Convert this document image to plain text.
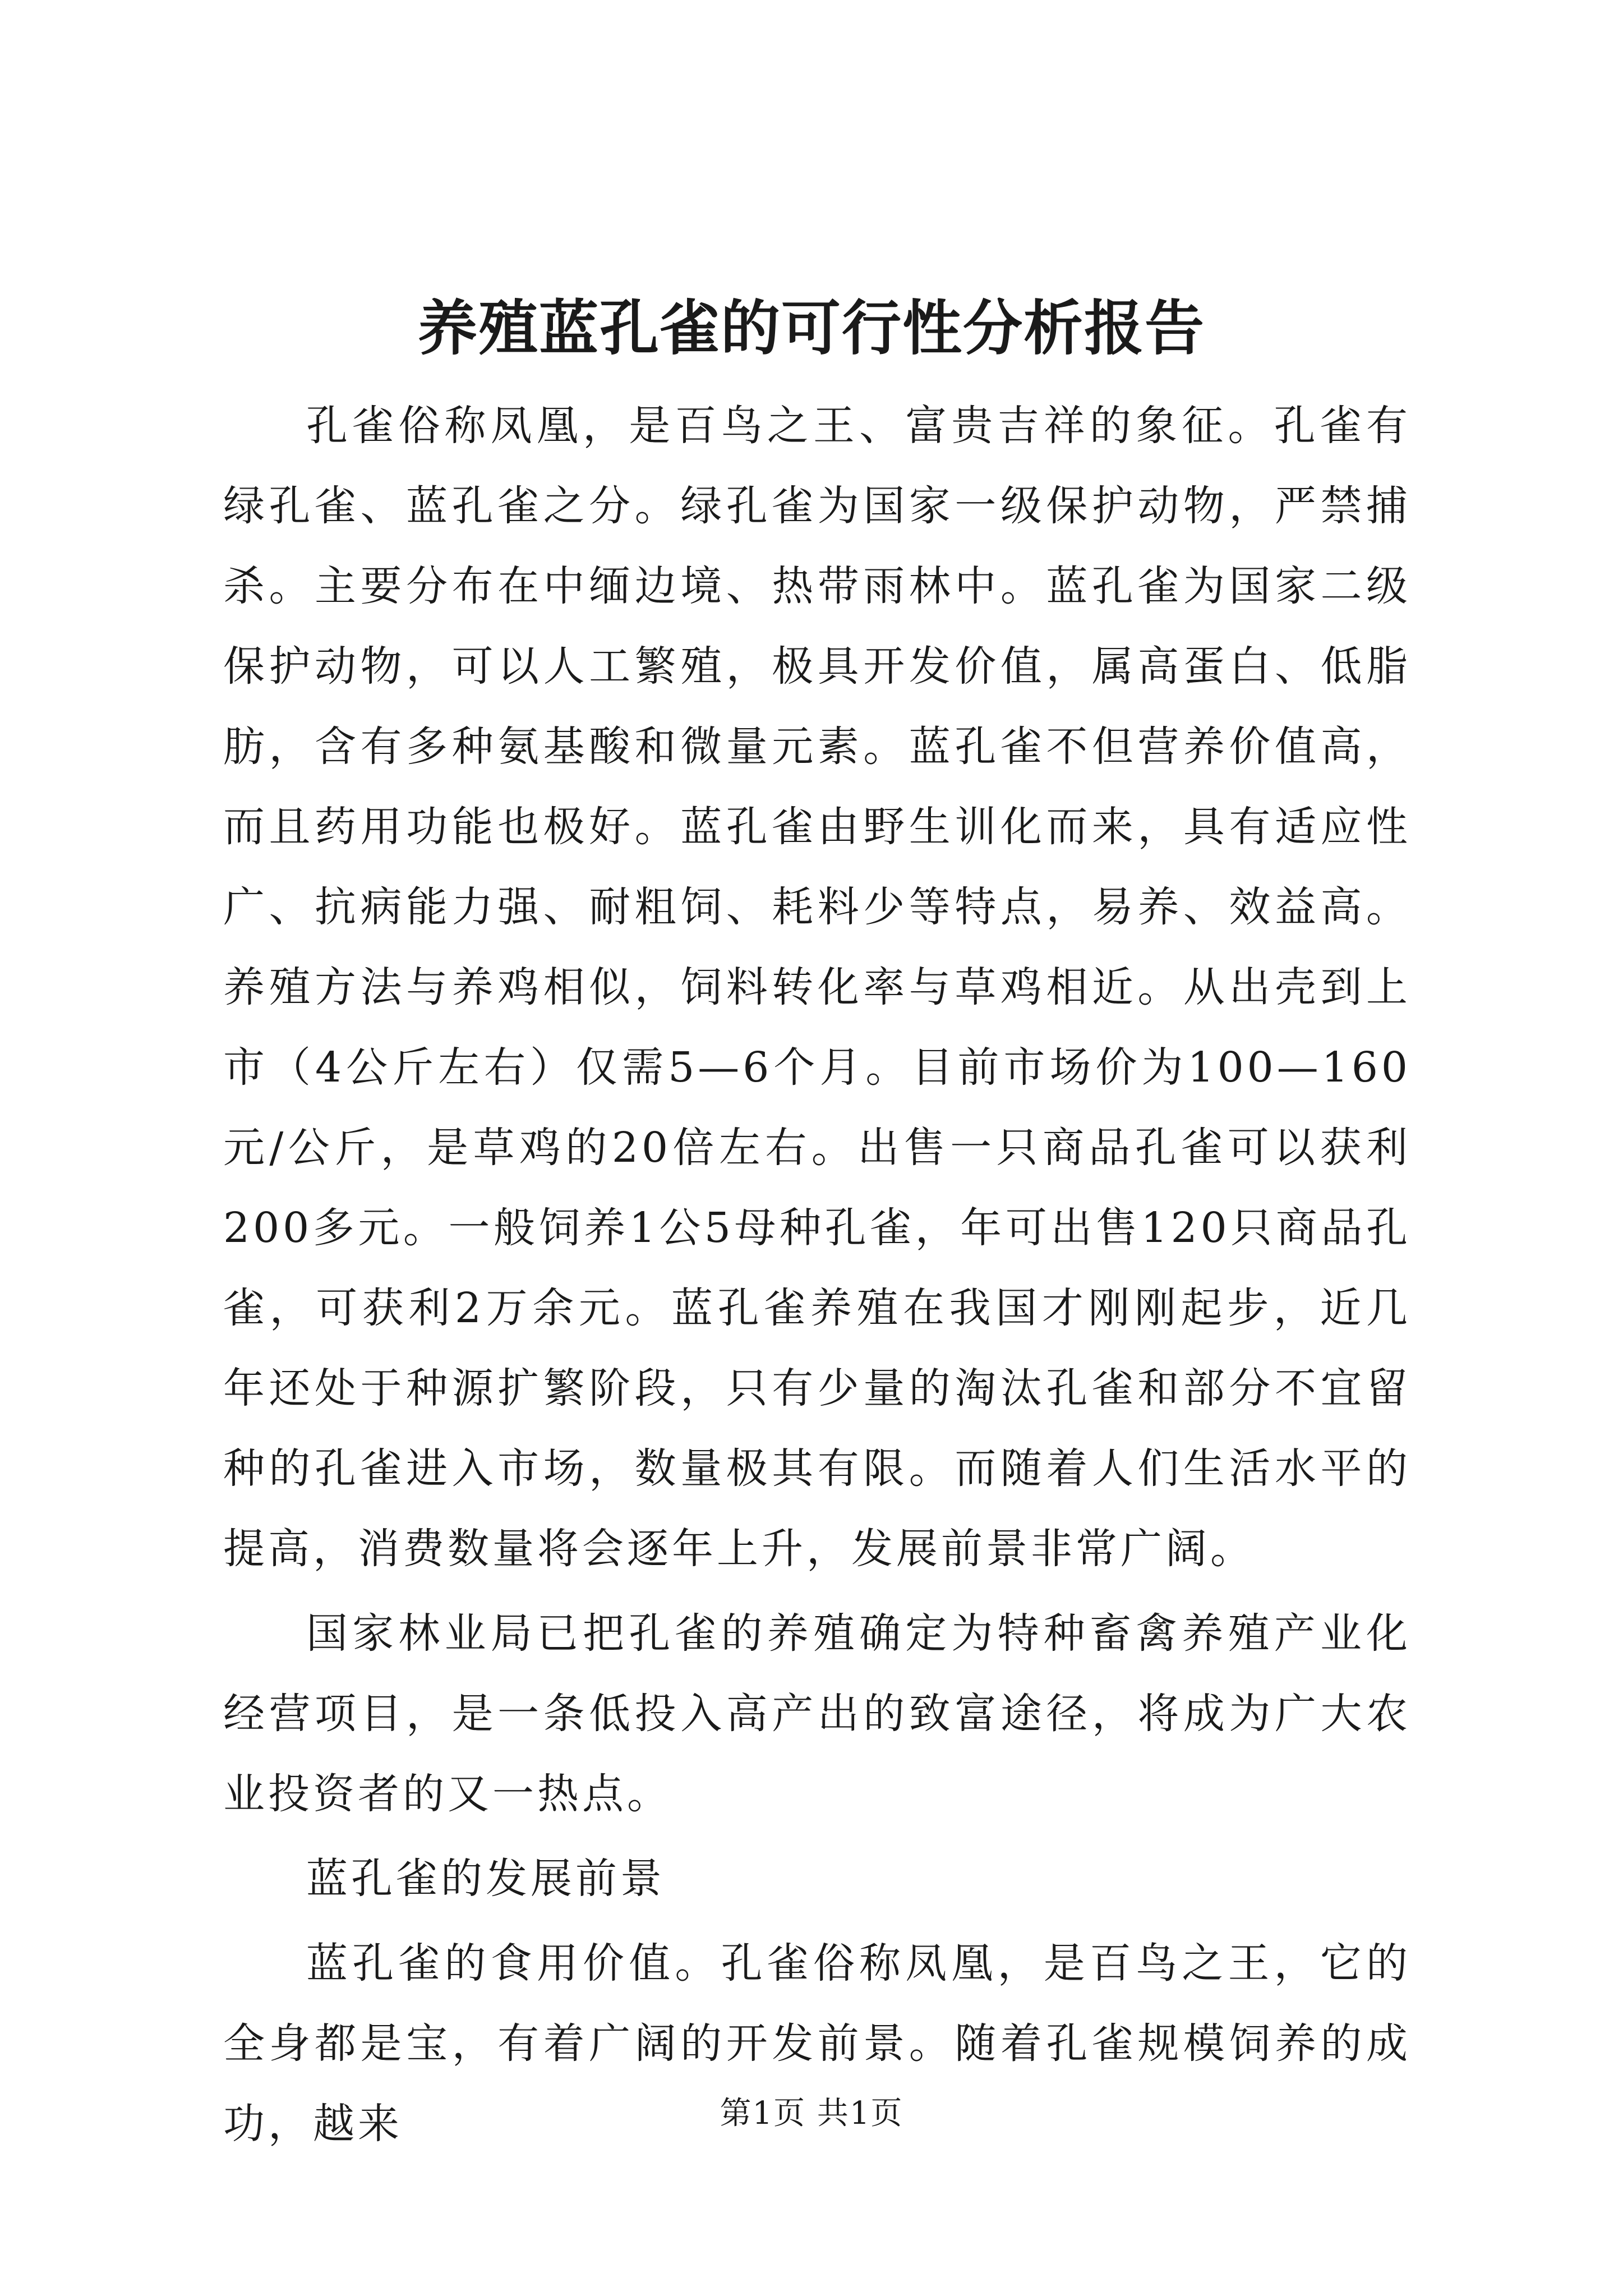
养殖蓝孔雀的可行性分析报告

孔雀俗称凤凰，是百鸟之王、富贵吉祥的象征。孔雀有绿孔雀、蓝孔雀之分。绿孔雀为国家一级保护动物，严禁捕杀。主要分布在中缅边境、热带雨林中。蓝孔雀为国家二级保护动物，可以人工繁殖，极具开发价值，属高蛋白、低脂肪，含有多种氨基酸和微量元素。蓝孔雀不但营养价值高，而且药用功能也极好。蓝孔雀由野生训化而来，具有适应性广、抗病能力强、耐粗饲、耗料少等特点，易养、效益高。养殖方法与养鸡相似，饲料转化率与草鸡相近。从出壳到上市（4公斤左右）仅需5—6个月。目前市场价为100—160元/公斤，是草鸡的20倍左右。出售一只商品孔雀可以获利200多元。一般饲养1公5母种孔雀，年可出售120只商品孔雀，可获利2万余元。蓝孔雀养殖在我国才刚刚起步，近几年还处于种源扩繁阶段，只有少量的淘汰孔雀和部分不宜留种的孔雀进入市场，数量极其有限。而随着人们生活水平的提高，消费数量将会逐年上升，发展前景非常广阔。

国家林业局已把孔雀的养殖确定为特种畜禽养殖产业化经营项目，是一条低投入高产出的致富途径，将成为广大农业投资者的又一热点。

蓝孔雀的发展前景

蓝孔雀的食用价值。孔雀俗称凤凰，是百鸟之王，它的全身都是宝，有着广阔的开发前景。随着孔雀规模饲养的成功，越来	第1页 共1页
